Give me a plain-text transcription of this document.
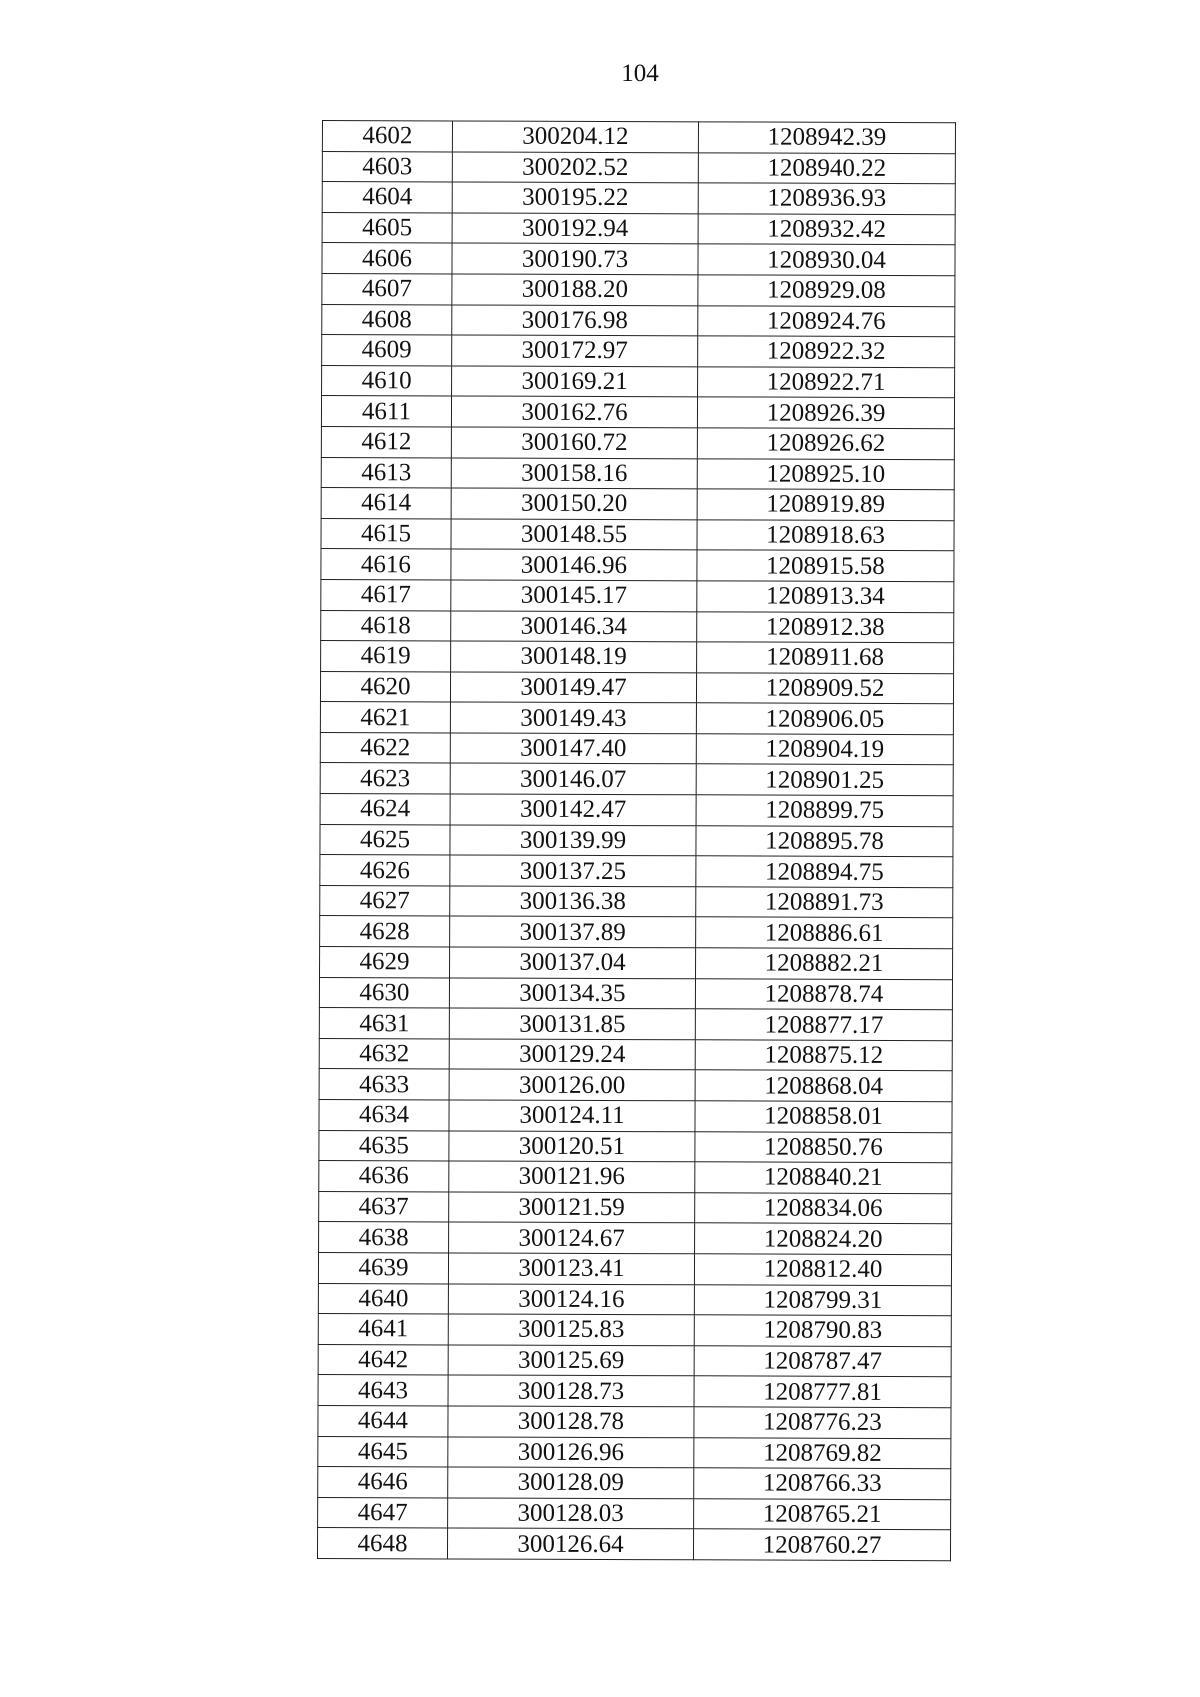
104
4602	300204.12	1208942.39
4603	300202.52	1208940.22
4604	300195.22	1208936.93
4605	300192.94	1208932.42
4606	300190.73	1208930.04
4607	300188.20	1208929.08
4608	300176.98	1208924.76
4609	300172.97	1208922.32
4610	300169.21	1208922.71
4611	300162.76	1208926.39
4612	300160.72	1208926.62
4613	300158.16	1208925.10
4614	300150.20	1208919.89
4615	300148.55	1208918.63
4616	300146.96	1208915.58
4617	300145.17	1208913.34
4618	300146.34	1208912.38
4619	300148.19	1208911.68
4620	300149.47	1208909.52
4621	300149.43	1208906.05
4622	300147.40	1208904.19
4623	300146.07	1208901.25
4624	300142.47	1208899.75
4625	300139.99	1208895.78
4626	300137.25	1208894.75
4627	300136.38	1208891.73
4628	300137.89	1208886.61
4629	300137.04	1208882.21
4630	300134.35	1208878.74
4631	300131.85	1208877.17
4632	300129.24	1208875.12
4633	300126.00	1208868.04
4634	300124.11	1208858.01
4635	300120.51	1208850.76
4636	300121.96	1208840.21
4637	300121.59	1208834.06
4638	300124.67	1208824.20
4639	300123.41	1208812.40
4640	300124.16	1208799.31
4641	300125.83	1208790.83
4642	300125.69	1208787.47
4643	300128.73	1208777.81
4644	300128.78	1208776.23
4645	300126.96	1208769.82
4646	300128.09	1208766.33
4647	300128.03	1208765.21
4648	300126.64	1208760.27
